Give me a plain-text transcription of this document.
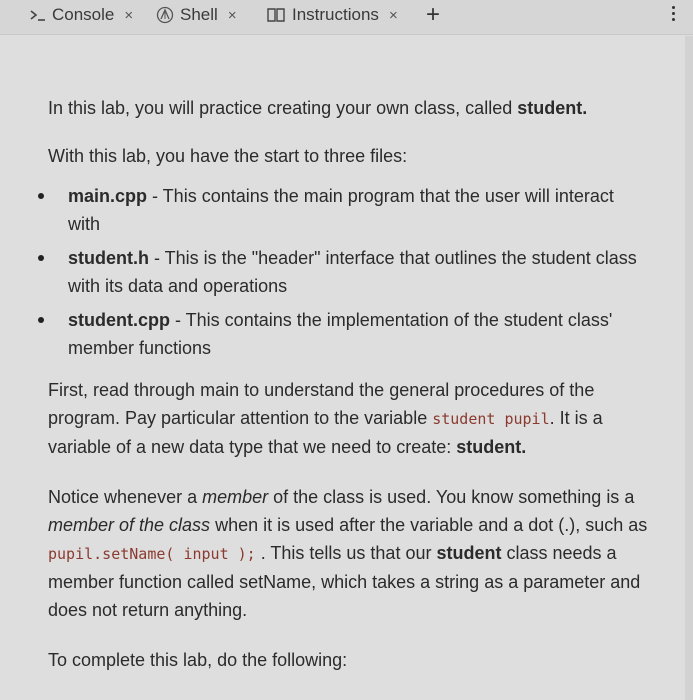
Console ×	Shell ×	Instructions × +

In this lab, you will practice creating your own class, called student.

With this lab, you have the start to three files:

main.cpp - This contains the main program that the user will interact with
student.h - This is the "header" interface that outlines the student class with its data and operations
student.cpp - This contains the implementation of the student class' member functions

First, read through main to understand the general procedures of the program. Pay particular attention to the variable student pupil. It is a variable of a new data type that we need to create: student.

Notice whenever a member of the class is used. You know something is a member of the class when it is used after the variable and a dot (.), such as pupil.setName( input ); . This tells us that our student class needs a member function called setName, which takes a string as a parameter and does not return anything.

To complete this lab, do the following:
